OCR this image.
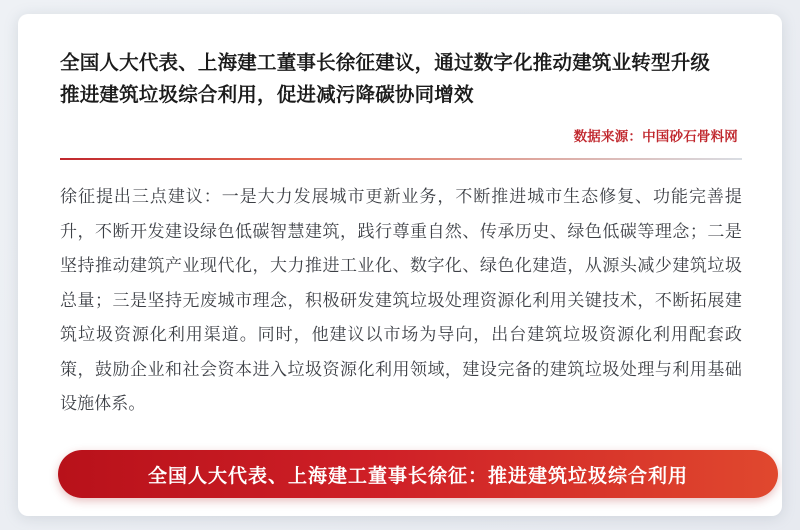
全国人大代表、上海建工董事长徐征建议，通过数字化推动建筑业转型升级
推进建筑垃圾综合利用，促进减污降碳协同增效
数据来源：中国砂石骨料网

徐征提出三点建议：一是大力发展城市更新业务，不断推进城市生态修复、功能完善提升，不断开发建设绿色低碳智慧建筑，践行尊重自然、传承历史、绿色低碳等理念；二是坚持推动建筑产业现代化，大力推进工业化、数字化、绿色化建造，从源头减少建筑垃圾总量；三是坚持无废城市理念，积极研发建筑垃圾处理资源化利用关键技术，不断拓展建筑垃圾资源化利用渠道。同时，他建议以市场为导向，出台建筑垃圾资源化利用配套政策，鼓励企业和社会资本进入垃圾资源化利用领域，建设完备的建筑垃圾处理与利用基础设施体系。

全国人大代表、上海建工董事长徐征：推进建筑垃圾综合利用
